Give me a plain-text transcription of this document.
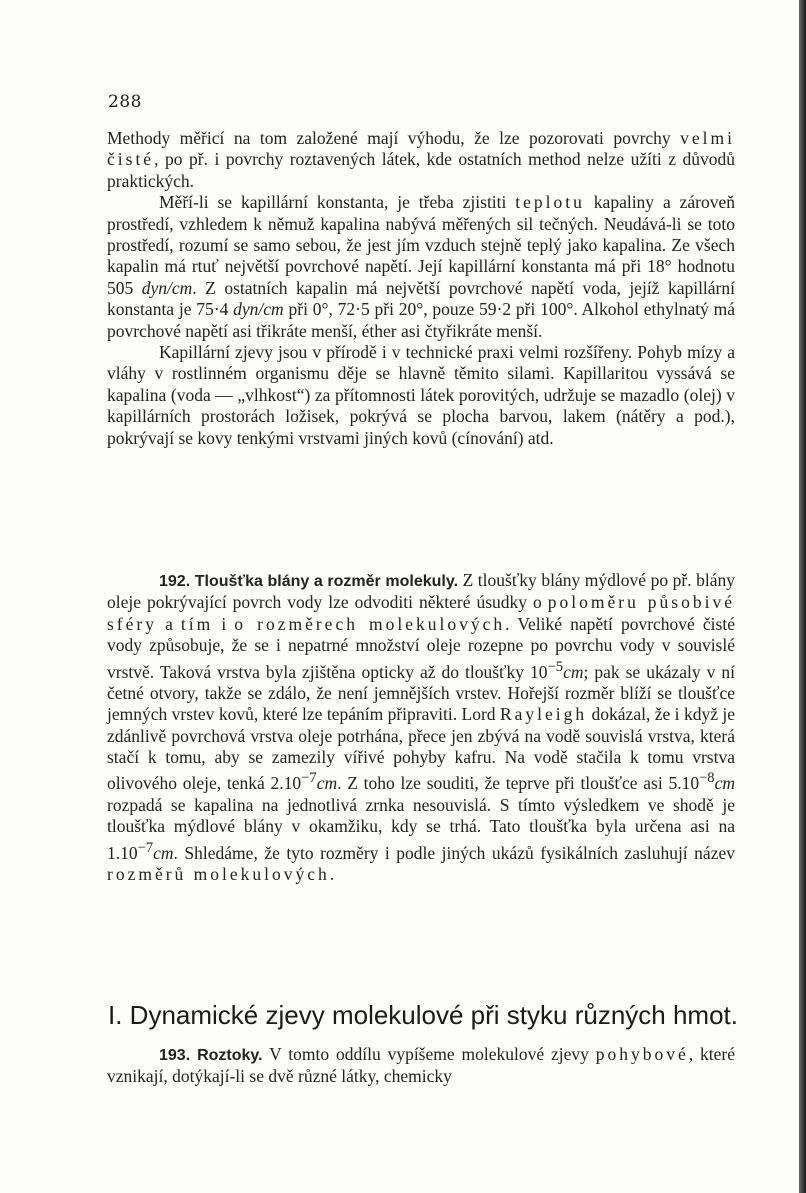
288

Methody měřicí na tom založené mají výhodu, že lze pozorovati povrchy velmi čisté, po př. i povrchy roztavených látek, kde ostatních method nelze užíti z důvodů praktických.

Měří-li se kapillární konstanta, je třeba zjistiti teplotu kapaliny a zároveň prostředí, vzhledem k němuž kapalina nabývá měřených sil tečných. Neudává-li se toto prostředí, rozumí se samo sebou, že jest jím vzduch stejně teplý jako kapalina. Ze všech kapalin má rtuť největší povrchové napětí. Její kapillární konstanta má při 18° hodnotu 505 dyn/cm. Z ostatních kapalin má největší povrchové napětí voda, jejíž kapillární konstanta je 75·4 dyn/cm při 0°, 72·5 při 20°, pouze 59·2 při 100°. Alkohol ethylnatý má povrchové napětí asi třikráte menší, éther asi čtyřikráte menší.

Kapillární zjevy jsou v přírodě i v technické praxi velmi rozšířeny. Pohyb mízy a vláhy v rostlinném organismu děje se hlavně těmito silami. Kapillaritou vyssává se kapalina (voda — „vlhkost“) za přítomnosti látek porovitých, udržuje se mazadlo (olej) v kapillárních prostorách ložisek, pokrývá se plocha barvou, lakem (nátěry a pod.), pokrývají se kovy tenkými vrstvami jiných kovů (cínování) atd.

192. Tloušťka blány a rozměr molekuly. Z tloušťky blány mýdlové po př. blány oleje pokrývající povrch vody lze odvoditi některé úsudky o poloměru působivé sféry a tím i o rozměrech molekulových. Veliké napětí povrchové čisté vody způsobuje, že se i nepatrné množství oleje rozepne po povrchu vody v souvislé vrstvě. Taková vrstva byla zjištěna opticky až do tloušťky $10^{-5}cm$; pak se ukázaly v ní četné otvory, takže se zdálo, že není jemnějších vrstev. Hořejší rozměr blíží se tloušťce jemných vrstev kovů, které lze tepáním připraviti. Lord Rayleigh dokázal, že i když je zdánlivě povrchová vrstva oleje potrhána, přece jen zbývá na vodě souvislá vrstva, která stačí k tomu, aby se zamezily vířivé pohyby kafru. Na vodě stačila k tomu vrstva olivového oleje, tenká $2.10^{-7}cm$. Z toho lze souditi, že teprve při tloušťce asi $5.10^{-8}cm$ rozpadá se kapalina na jednotlivá zrnka nesouvislá. S tímto výsledkem ve shodě je tloušťka mýdlové blány v okamžiku, kdy se trhá. Tato tloušťka byla určena asi na $1.10^{-7}cm$. Shledáme, že tyto rozměry i podle jiných ukázů fysikálních zasluhují název rozměrů molekulových.

I. Dynamické zjevy molekulové při styku různých hmot.

193. Roztoky. V tomto oddílu vypíšeme molekulové zjevy pohybové, které vznikají, dotýkají-li se dvě různé látky, chemicky
